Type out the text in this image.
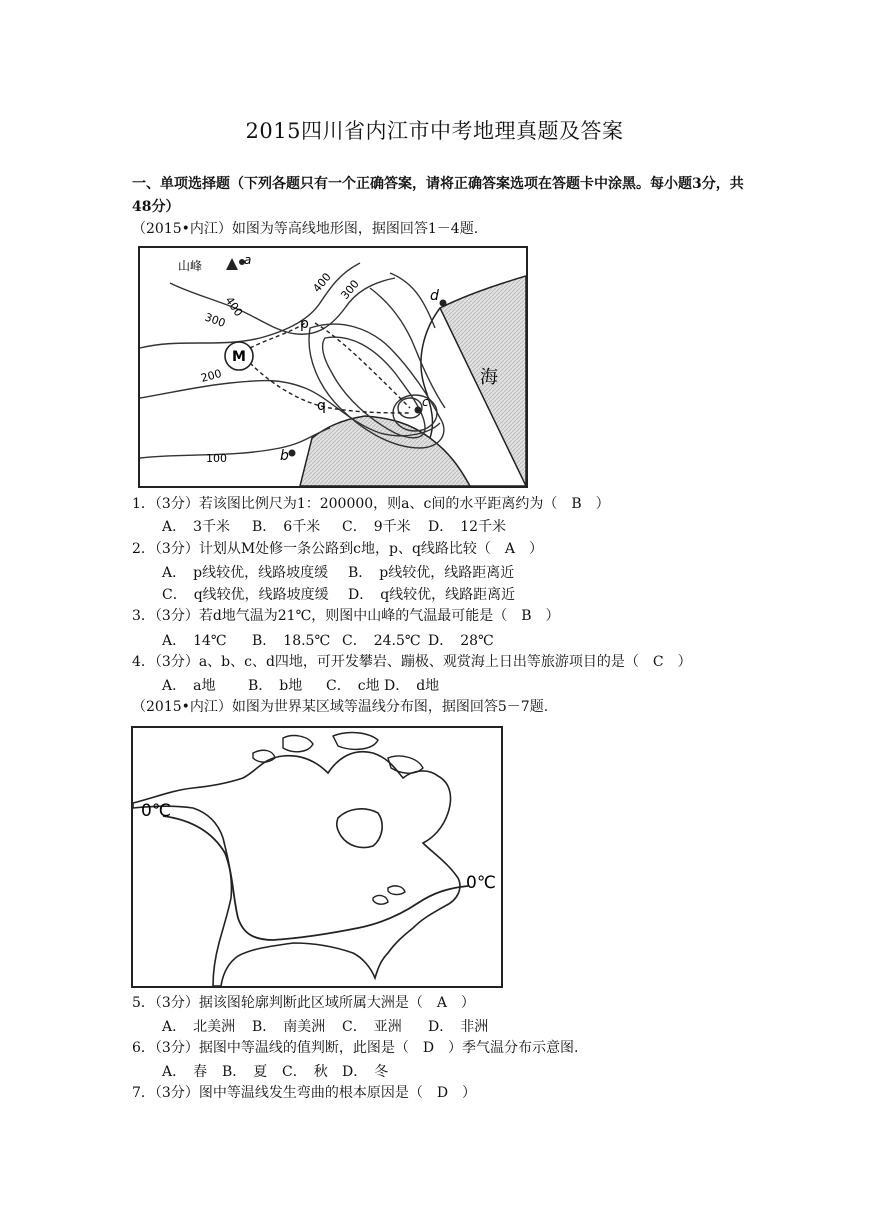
2015四川省内江市中考地理真题及答案
一、单项选择题（下列各题只有一个正确答案，请将正确答案选项在答题卡中涂黑。每小题3分，共48分）
（2015•内江）如图为等高线地形图，据图回答1－4题.
山峰	a
M
p
q	c
d
b
海
400
300
400 300
200
100
1．（3分）若该图比例尺为1：200000，则a、c间的水平距离约为（　B　）
A．　3千米 B．　6千米 C．　9千米 D．　12千米
2．（3分）计划从M处修一条公路到c地，p、q线路比较（　A　）
A．　p线较优，线路坡度缓 B．　p线较优，线路距离近
C．　q线较优，线路坡度缓 D．　q线较优，线路距离近
3．（3分）若d地气温为21℃，则图中山峰的气温最可能是（　B　）
A．　14℃ B．　18.5℃ C．　24.5℃ D．　28℃
4．（3分）a、b、c、d四地，可开发攀岩、蹦极、观赏海上日出等旅游项目的是（　C　）
A．　a地 B．　b地 C．　c地 D．　d地
（2015•内江）如图为世界某区域等温线分布图，据图回答5－7题.
0℃
0℃
5．（3分）据该图轮廓判断此区域所属大洲是（　A　）
A．　北美洲 B．　南美洲 C．　亚洲 D．　非洲
6．（3分）据图中等温线的值判断，此图是（　D　）季气温分布示意图.
A．　春 B．　夏 C．　秋 D．　冬
7．（3分）图中等温线发生弯曲的根本原因是（　D　）
